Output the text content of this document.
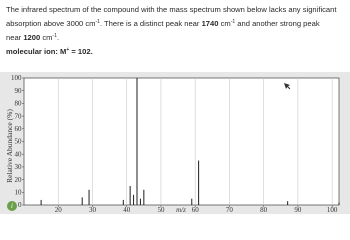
The infrared spectrum of the compound with the mass spectrum shown below lacks any significant

absorption above 3000 $cm^{-1}$. There is a distinct peak near 1740 $cm^{-1}$ and another strong peak

near 1200 $cm^{-1}$.

molecular ion: M+ = 102.
20	30	40	50	60	70	80	90	100
0
10
20
30
40
50
60
70
80
90
100
Relative Abundance (%)
m/z
i
